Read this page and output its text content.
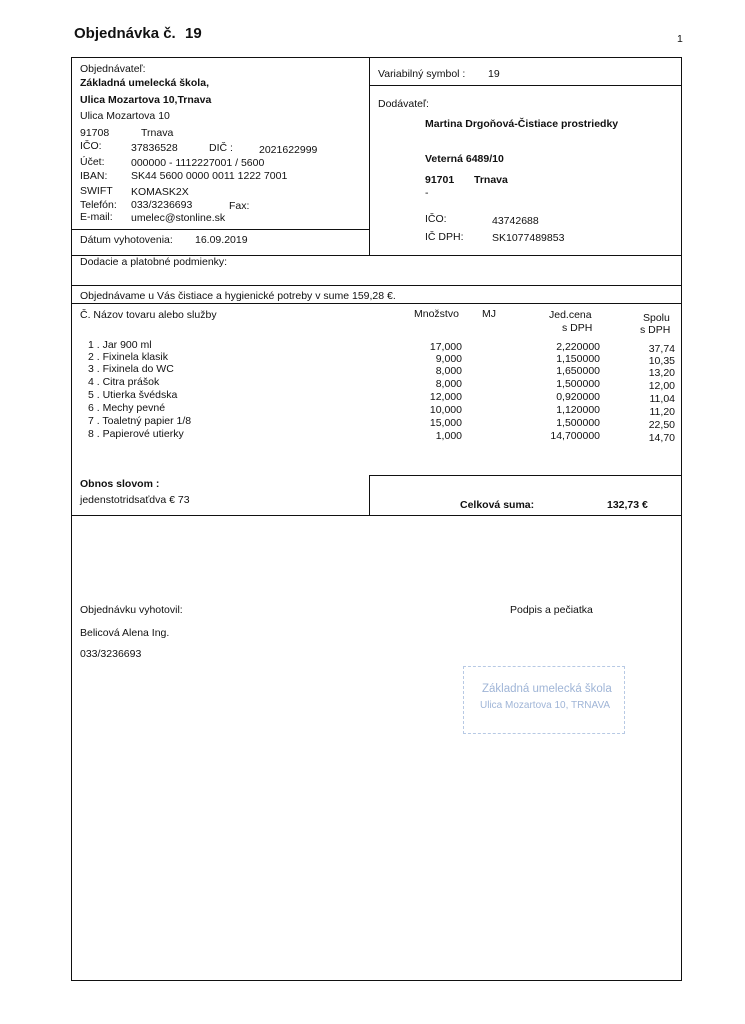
Objednávka č. 19	1
Objednávateľ:
Základná umelecká škola,
Ulica Mozartova 10,Trnava
Ulica Mozartova 10
91708	Trnava
IČO:	37836528	DIČ : 2021622999
Účet:	000000 - 1112227001 / 5600
IBAN: SK44 5600 0000 0011 1222 7001
SWIFT KOMASK2X
Telefón: 033/3236693	Fax:
E-mail: umelec@stonline.sk
Dátum vyhotovenia: 16.09.2019
Variabilný symbol : 19
Dodávateľ:
Martina Drgoňová-Čistiace prostriedky
Veterná 6489/10
91701 Trnava
-
IČO:	43742688
IČ DPH:	SK1077489853
Dodacie a platobné podmienky:
Objednávame u Vás čistiace a hygienické potreby v sume 159,28 €.
Č. Názov tovaru alebo služby	Množstvo MJ	Jed.cena
s DPH
Spolu
s DPH
1 . Jar 900 ml	17,000	2,220000	37,74
2 . Fixinela klasik	9,000	1,150000	10,35
3 . Fixinela do WC	8,000	1,650000	13,20
4 . Citra prášok	8,000	1,500000	12,00
5 . Utierka švédska	12,000	0,920000	11,04
6 . Mechy pevné	10,000	1,120000	11,20
7 . Toaletný papier 1/8	15,000	1,500000	22,50
8 . Papierové utierky	1,000	14,700000	14,70
Obnos slovom :
jedenstotridsaťdva € 73	Celková suma:	132,73 €
Objednávku vyhotovil:
Belicová Alena Ing.
033/3236693
Podpis a pečiatka
Základná umelecká škola
Ulica Mozartova 10, TRNAVA
